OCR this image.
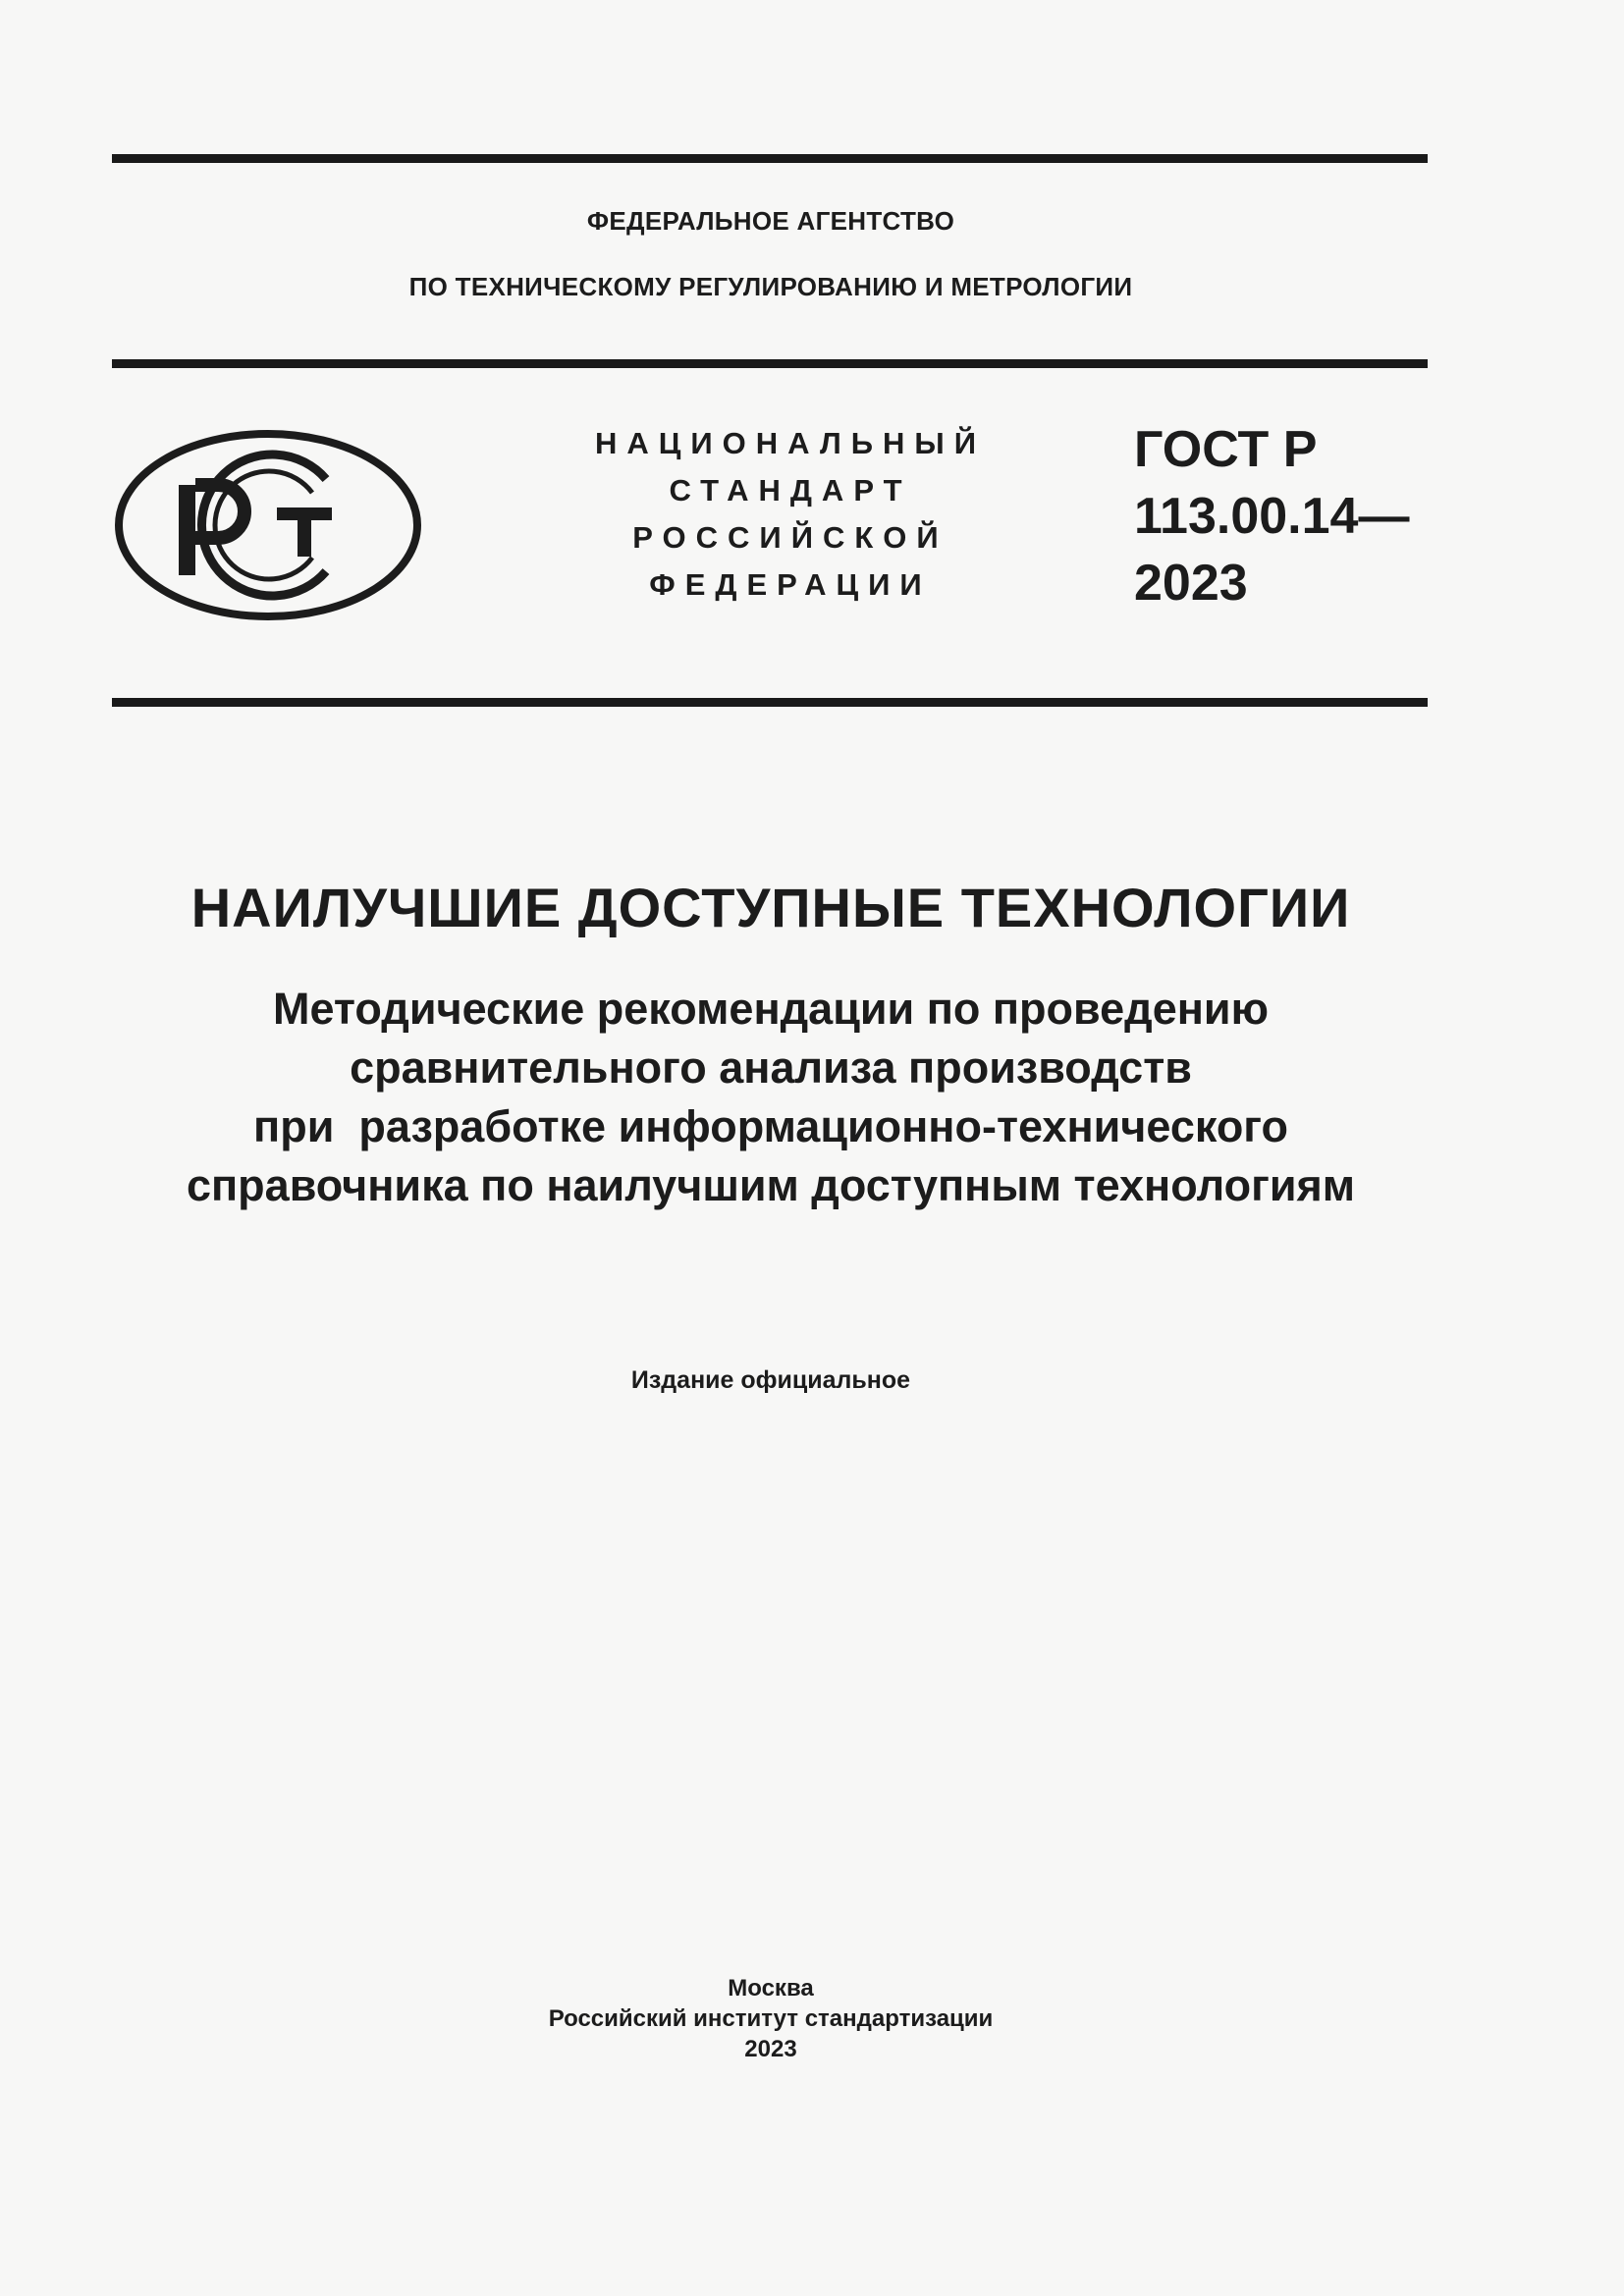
ФЕДЕРАЛЬНОЕ АГЕНТСТВО
ПО ТЕХНИЧЕСКОМУ РЕГУЛИРОВАНИЮ И МЕТРОЛОГИИ
НАЦИОНАЛЬНЫЙ
СТАНДАРТ
РОССИЙСКОЙ
ФЕДЕРАЦИИ
ГОСТ Р
113.00.14—
2023
НАИЛУЧШИЕ ДОСТУПНЫЕ ТЕХНОЛОГИИ
Методические рекомендации по проведению
сравнительного анализа производств
при  разработке информационно-технического
справочника по наилучшим доступным технологиям
Издание официальное
Москва
Российский институт стандартизации
2023
